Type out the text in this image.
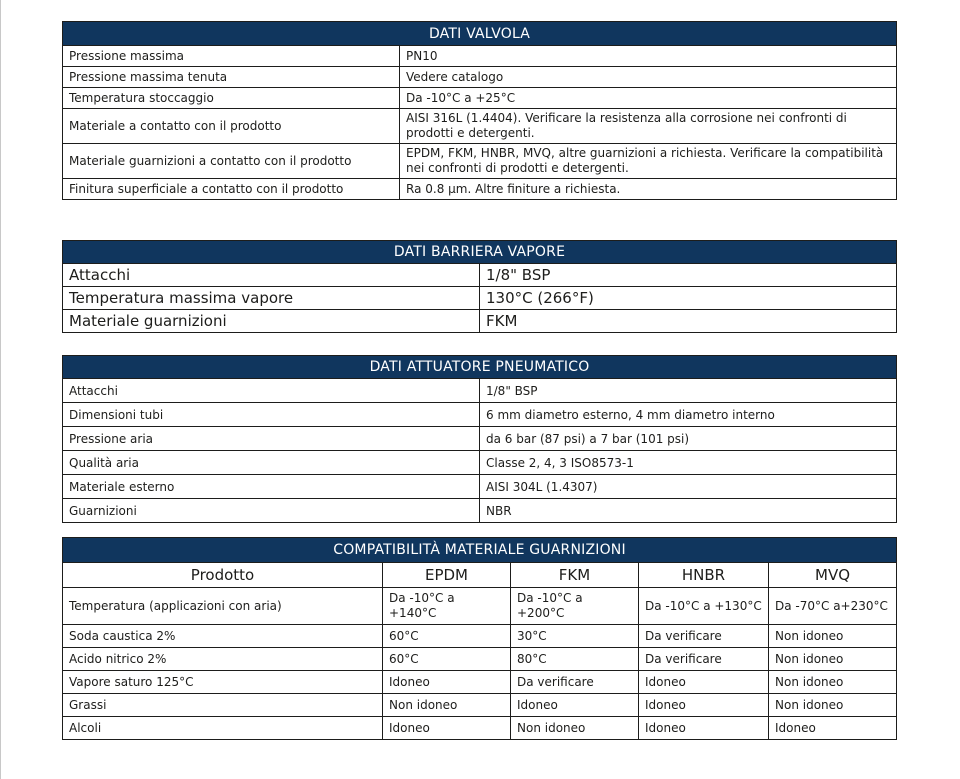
DATI VALVOLA	
Pressione massima	PN10
Pressione massima tenuta	Vedere catalogo
Temperatura stoccaggio	Da -10°C a +25°C
Materiale a contatto con il prodotto	AISI 316L (1.4404). Verificare la resistenza alla corrosione nei confronti di prodotti e detergenti.
Materiale guarnizioni a contatto con il prodotto	EPDM, FKM, HNBR, MVQ, altre guarnizioni a richiesta. Verificare la compatibilità nei confronti di prodotti e detergenti.
Finitura superficiale a contatto con il prodotto	Ra 0.8 µm. Altre finiture a richiesta.
DATI BARRIERA VAPORE	
Attacchi	1/8" BSP
Temperatura massima vapore	130°C (266°F)
Materiale guarnizioni	FKM
DATI ATTUATORE PNEUMATICO	
Attacchi	1/8" BSP
Dimensioni tubi	6 mm diametro esterno, 4 mm diametro interno
Pressione aria	da 6 bar (87 psi) a 7 bar (101 psi)
Qualità aria	Classe 2, 4, 3 ISO8573-1
Materiale esterno	AISI 304L (1.4307)
Guarnizioni	NBR
COMPATIBILITÀ MATERIALE GUARNIZIONI				
Prodotto	EPDM	FKM	HNBR	MVQ
Temperatura (applicazioni con aria)	Da -10°C a +140°C	Da -10°C a +200°C	Da -10°C a +130°C	Da -70°C a+230°C
Soda caustica 2%	60°C	30°C	Da verificare	Non idoneo
Acido nitrico 2%	60°C	80°C	Da verificare	Non idoneo
Vapore saturo 125°C	Idoneo	Da verificare	Idoneo	Non idoneo
Grassi	Non idoneo	Idoneo	Idoneo	Non idoneo
Alcoli	Idoneo	Non idoneo	Idoneo	Idoneo
